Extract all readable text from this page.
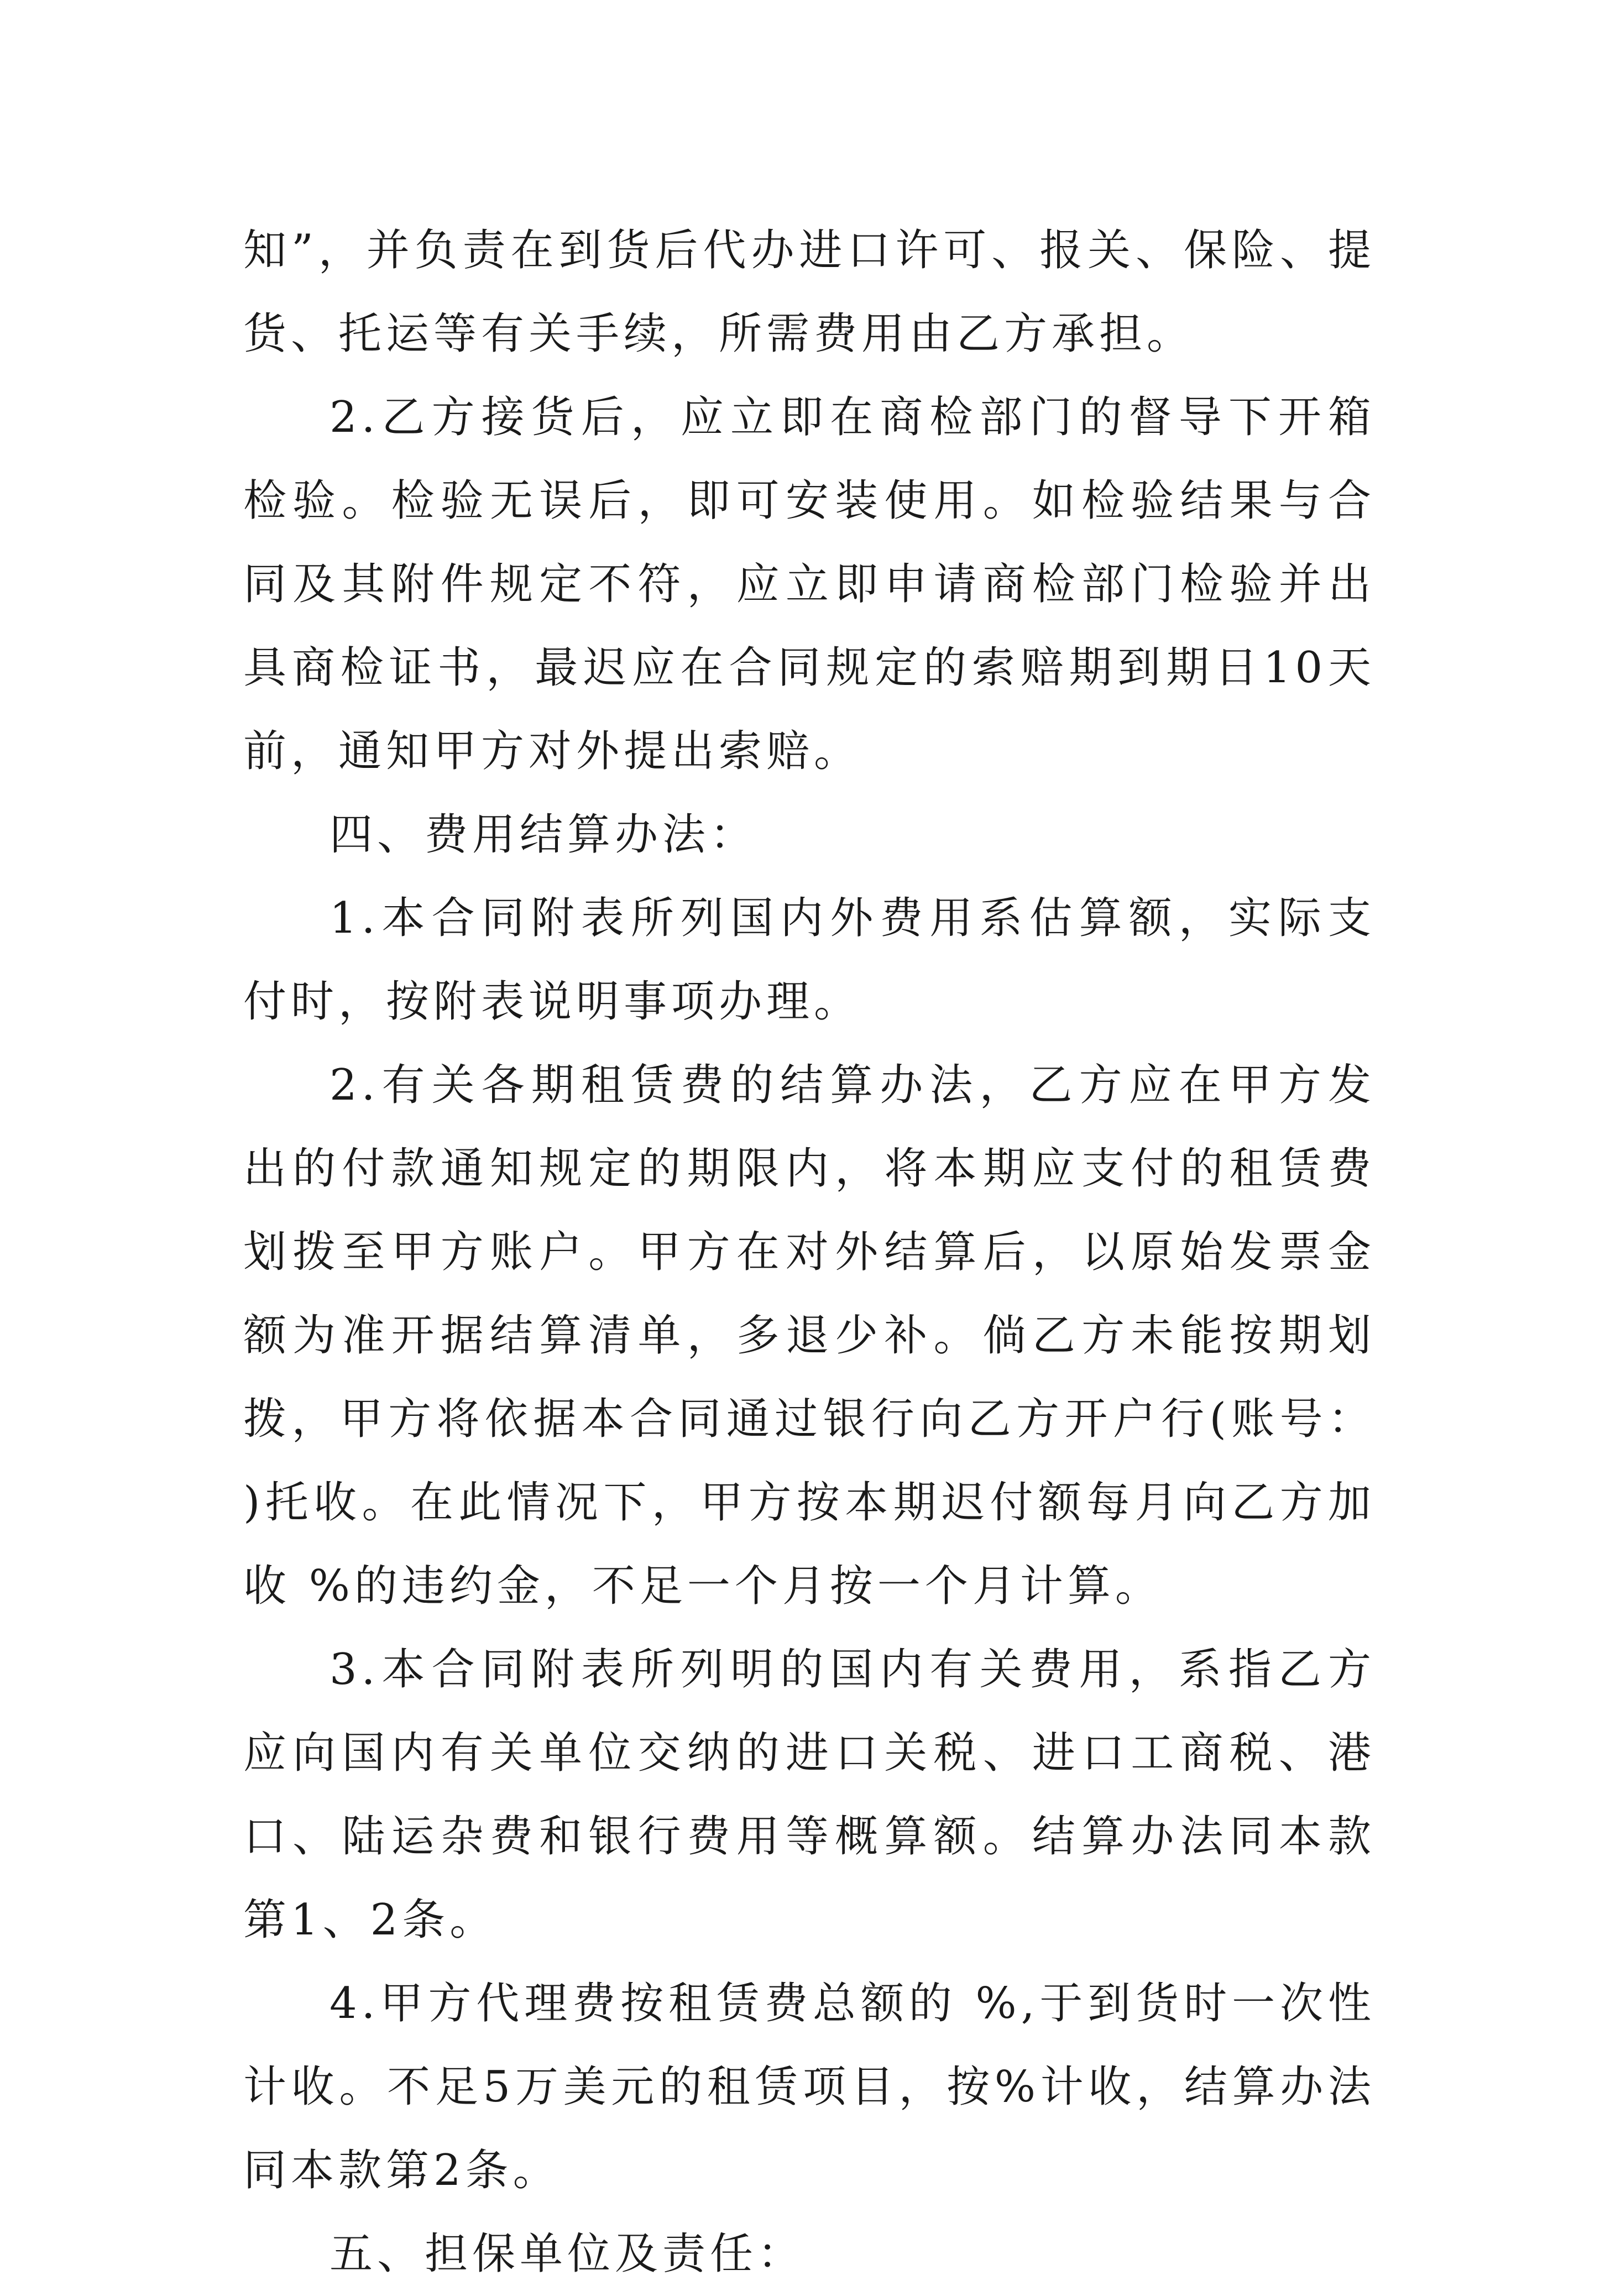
知”，并负责在到货后代办进口许可、报关、保险、提货、托运等有关手续，所需费用由乙方承担。

2.乙方接货后，应立即在商检部门的督导下开箱检验。检验无误后，即可安装使用。如检验结果与合同及其附件规定不符，应立即申请商检部门检验并出具商检证书，最迟应在合同规定的索赔期到期日10天前，通知甲方对外提出索赔。

四、费用结算办法：

1.本合同附表所列国内外费用系估算额，实际支付时，按附表说明事项办理。

2.有关各期租赁费的结算办法，乙方应在甲方发出的付款通知规定的期限内，将本期应支付的租赁费划拨至甲方账户。甲方在对外结算后，以原始发票金额为准开据结算清单，多退少补。倘乙方未能按期划拨，甲方将依据本合同通过银行向乙方开户行(账号： )托收。在此情况下，甲方按本期迟付额每月向乙方加收 %的违约金，不足一个月按一个月计算。

3.本合同附表所列明的国内有关费用，系指乙方应向国内有关单位交纳的进口关税、进口工商税、港口、陆运杂费和银行费用等概算额。结算办法同本款第1、2条。

4.甲方代理费按租赁费总额的 %,于到货时一次性计收。不足5万美元的租赁项目，按%计收，结算办法同本款第2条。

五、担保单位及责任：
